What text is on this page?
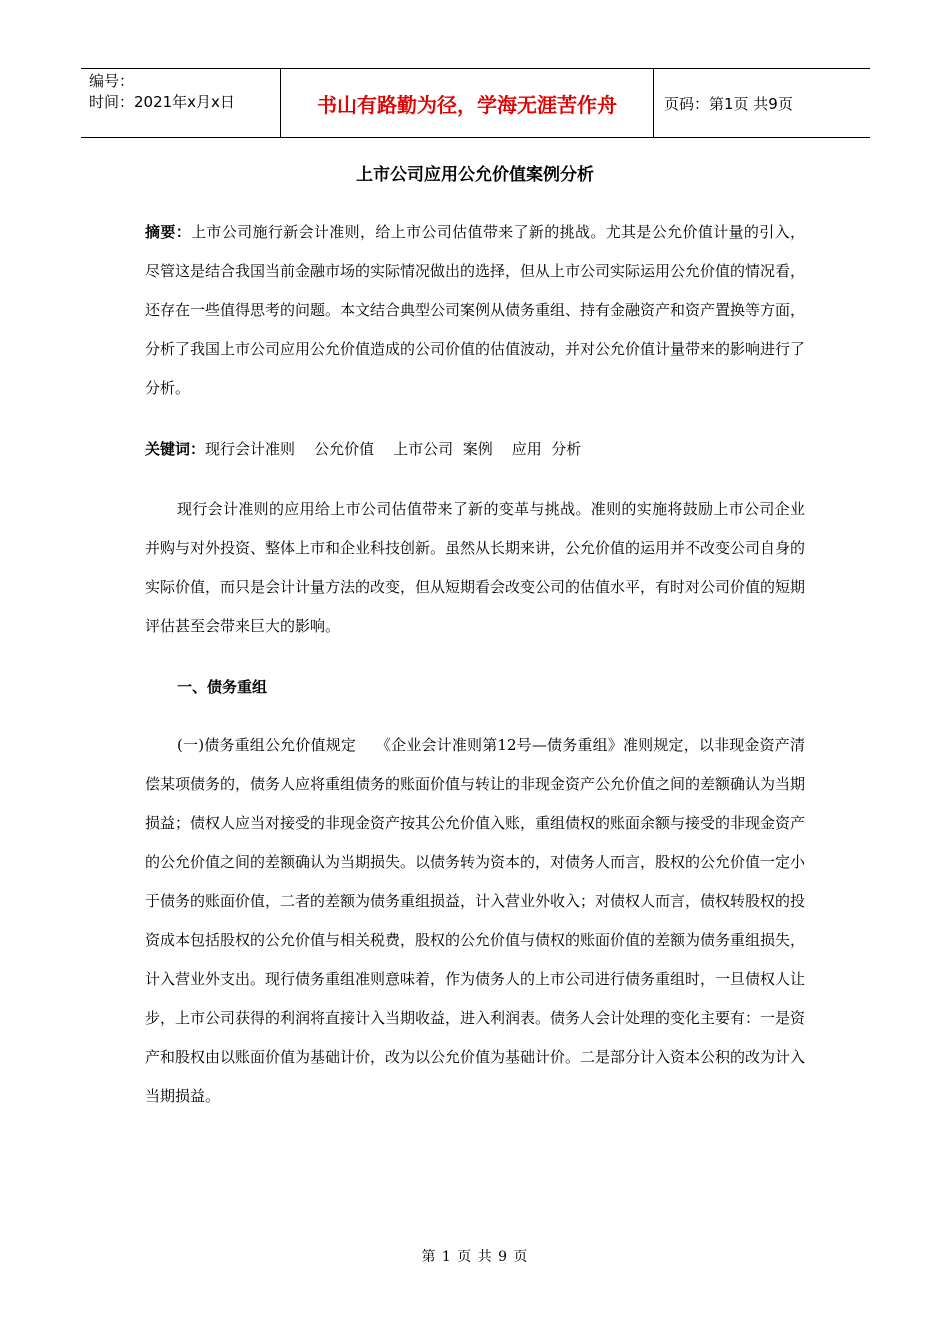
编号：
时间：2021年x月x日	书山有路勤为径，学海无涯苦作舟	页码：第1页 共9页
上市公司应用公允价值案例分析

摘要：上市公司施行新会计准则，给上市公司估值带来了新的挑战。尤其是公允价值计量的引入，尽管这是结合我国当前金融市场的实际情况做出的选择，但从上市公司实际运用公允价值的情况看，还存在一些值得思考的问题。本文结合典型公司案例从债务重组、持有金融资产和资产置换等方面，分析了我国上市公司应用公允价值造成的公司价值的估值波动，并对公允价值计量带来的影响进行了分析。

关键词：现行会计准则    公允价值    上市公司  案例    应用  分析

现行会计准则的应用给上市公司估值带来了新的变革与挑战。准则的实施将鼓励上市公司企业并购与对外投资、整体上市和企业科技创新。虽然从长期来讲，公允价值的运用并不改变公司自身的实际价值，而只是会计计量方法的改变，但从短期看会改变公司的估值水平，有时对公司价值的短期评估甚至会带来巨大的影响。

一、债务重组

(一)债务重组公允价值规定    《企业会计准则第12号—债务重组》准则规定，以非现金资产清偿某项债务的，债务人应将重组债务的账面价值与转让的非现金资产公允价值之间的差额确认为当期损益；债权人应当对接受的非现金资产按其公允价值入账，重组债权的账面余额与接受的非现金资产的公允价值之间的差额确认为当期损失。以债务转为资本的，对债务人而言，股权的公允价值一定小于债务的账面价值，二者的差额为债务重组损益，计入营业外收入；对债权人而言，债权转股权的投资成本包括股权的公允价值与相关税费，股权的公允价值与债权的账面价值的差额为债务重组损失，计入营业外支出。现行债务重组准则意味着，作为债务人的上市公司进行债务重组时，一旦债权人让步，上市公司获得的利润将直接计入当期收益，进入利润表。债务人会计处理的变化主要有：一是资产和股权由以账面价值为基础计价，改为以公允价值为基础计价。二是部分计入资本公积的改为计入当期损益。

第 1 页 共 9 页
